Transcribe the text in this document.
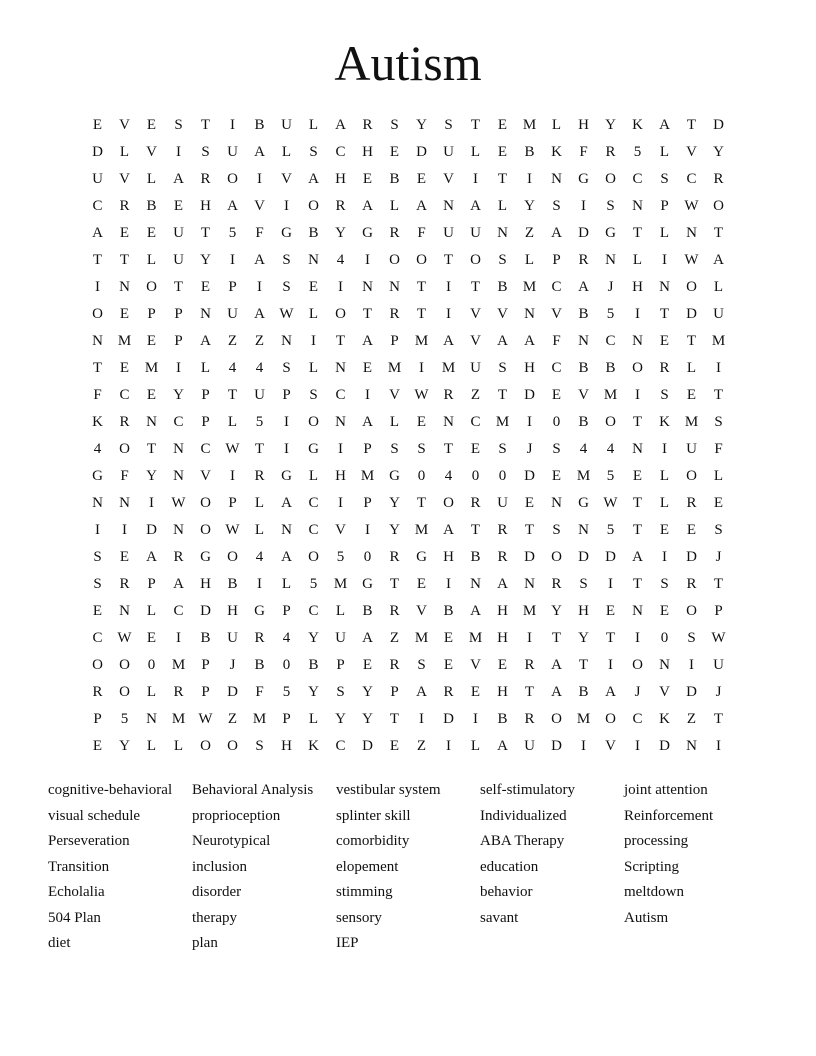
Autism
E	V	E	S	T	I	B	U	L	A	R	S	Y	S	T	E	M	L	H	Y	K	A	T	D
D	L	V	I	S	U	A	L	S	C	H	E	D	U	L	E	B	K	F	R	5	L	V	Y
U	V	L	A	R	O	I	V	A	H	E	B	E	V	I	T	I	N	G	O	C	S	C	R
C	R	B	E	H	A	V	I	O	R	A	L	A	N	A	L	Y	S	I	S	N	P	W O
A	E	E	U	T	5	F	G	B	Y	G	R	F	U	U	N	Z	A	D	G	T	L	N	T
T	T	L	U	Y	I	A	S	N	4	I	O	O	T	O	S	L	P	R	N	L	I	W A
I	N	O	T	E	P	I	S	E	I	N	N	T	I	T	B	M	C	A	J	H	N	O	L
O	E	P	P	N	U	A W	L	O	T	R	T	I	V	V	N	V	B	5	I	T	D	U
N M	E	P	A	Z	Z	N	I	T	A	P	M A	V	A	A	F	N	C	N	E	T	M
T	E	M	I	L	4	4	S	L	N	E	M	I	M U	S	H	C	B	B	O	R	L	I
F	C	E	Y	P	T	U	P	S	C	I	V W R	Z	T	D	E	V M	I	S	E	T
K	R	N	C	P	L	5	I	O	N	A	L	E	N	C	M	I	0	B	O	T	K M	S
4	O	T	N	C W	T	I	G	I	P	S	S	T	E	S	J	S	4	4	N	I	U	F
G	F	Y	N	V	I	R	G	L	H M G	0	4	0	0	D	E	M	5	E	L	O	L
N	N	I	W O	P	L	A	C	I	P	Y	T	O	R	U	E	N	G W	T	L	R	E
I	I	D	N	O W	L	N	C	V	I	Y M A	T	R	T	S	N	5	T	E	E	S
S	E	A	R	G	O	4	A	O	5	0	R	G	H	B	R	D	O	D	D	A	I	D	J
S	R	P	A	H	B	I	L	5	M G	T	E	I	N	A	N	R	S	I	T	S	R	T
E	N	L	C	D	H	G	P	C	L	B	R	V	B	A	H M Y	H	E	N	E	O	P
C W	E	I	B	U	R	4	Y	U	A	Z	M	E	M H	I	T	Y	T	I	0	S	W
O	O	0	M	P	J	B	0	B	P	E	R	S	E	V	E	R	A	T	I	O	N	I	U
R	O	L	R	P	D	F	5	Y	S	Y	P	A	R	E	H	T	A	B	A	J	V	D	J
P	5	N M W	Z	M	P	L	Y	Y	T	I	D	I	B	R	O M O	C	K	Z	T
E	Y	L	L	O	O	S	H	K	C	D	E	Z	I	L	A	U	D	I	V	I	D	N	I
cognitive-behavioral	Behavioral Analysis	vestibular system	self-stimulatory	joint attention
visual schedule	proprioception	splinter skill	Individualized	Reinforcement
Perseveration	Neurotypical	comorbidity	ABA Therapy	processing
Transition	inclusion	elopement	education	Scripting
Echolalia	disorder	stimming	behavior	meltdown
504 Plan	therapy	sensory	savant	Autism
diet	plan	IEP
